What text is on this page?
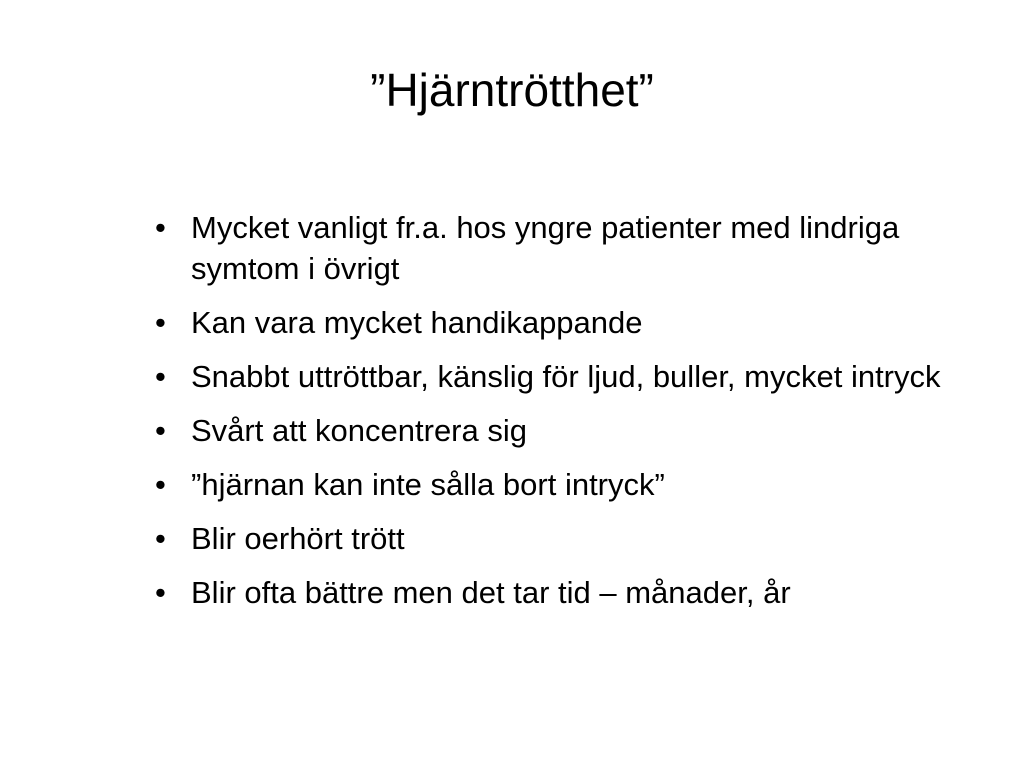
”Hjärntrötthet”
• Mycket vanligt fr.a. hos yngre patienter med lindriga symtom i övrigt
• Kan vara mycket handikappande
• Snabbt uttröttbar, känslig för ljud, buller, mycket intryck
• Svårt att koncentrera sig
• ”hjärnan kan inte sålla bort intryck”
• Blir oerhört trött
• Blir ofta bättre men det tar tid – månader, år
